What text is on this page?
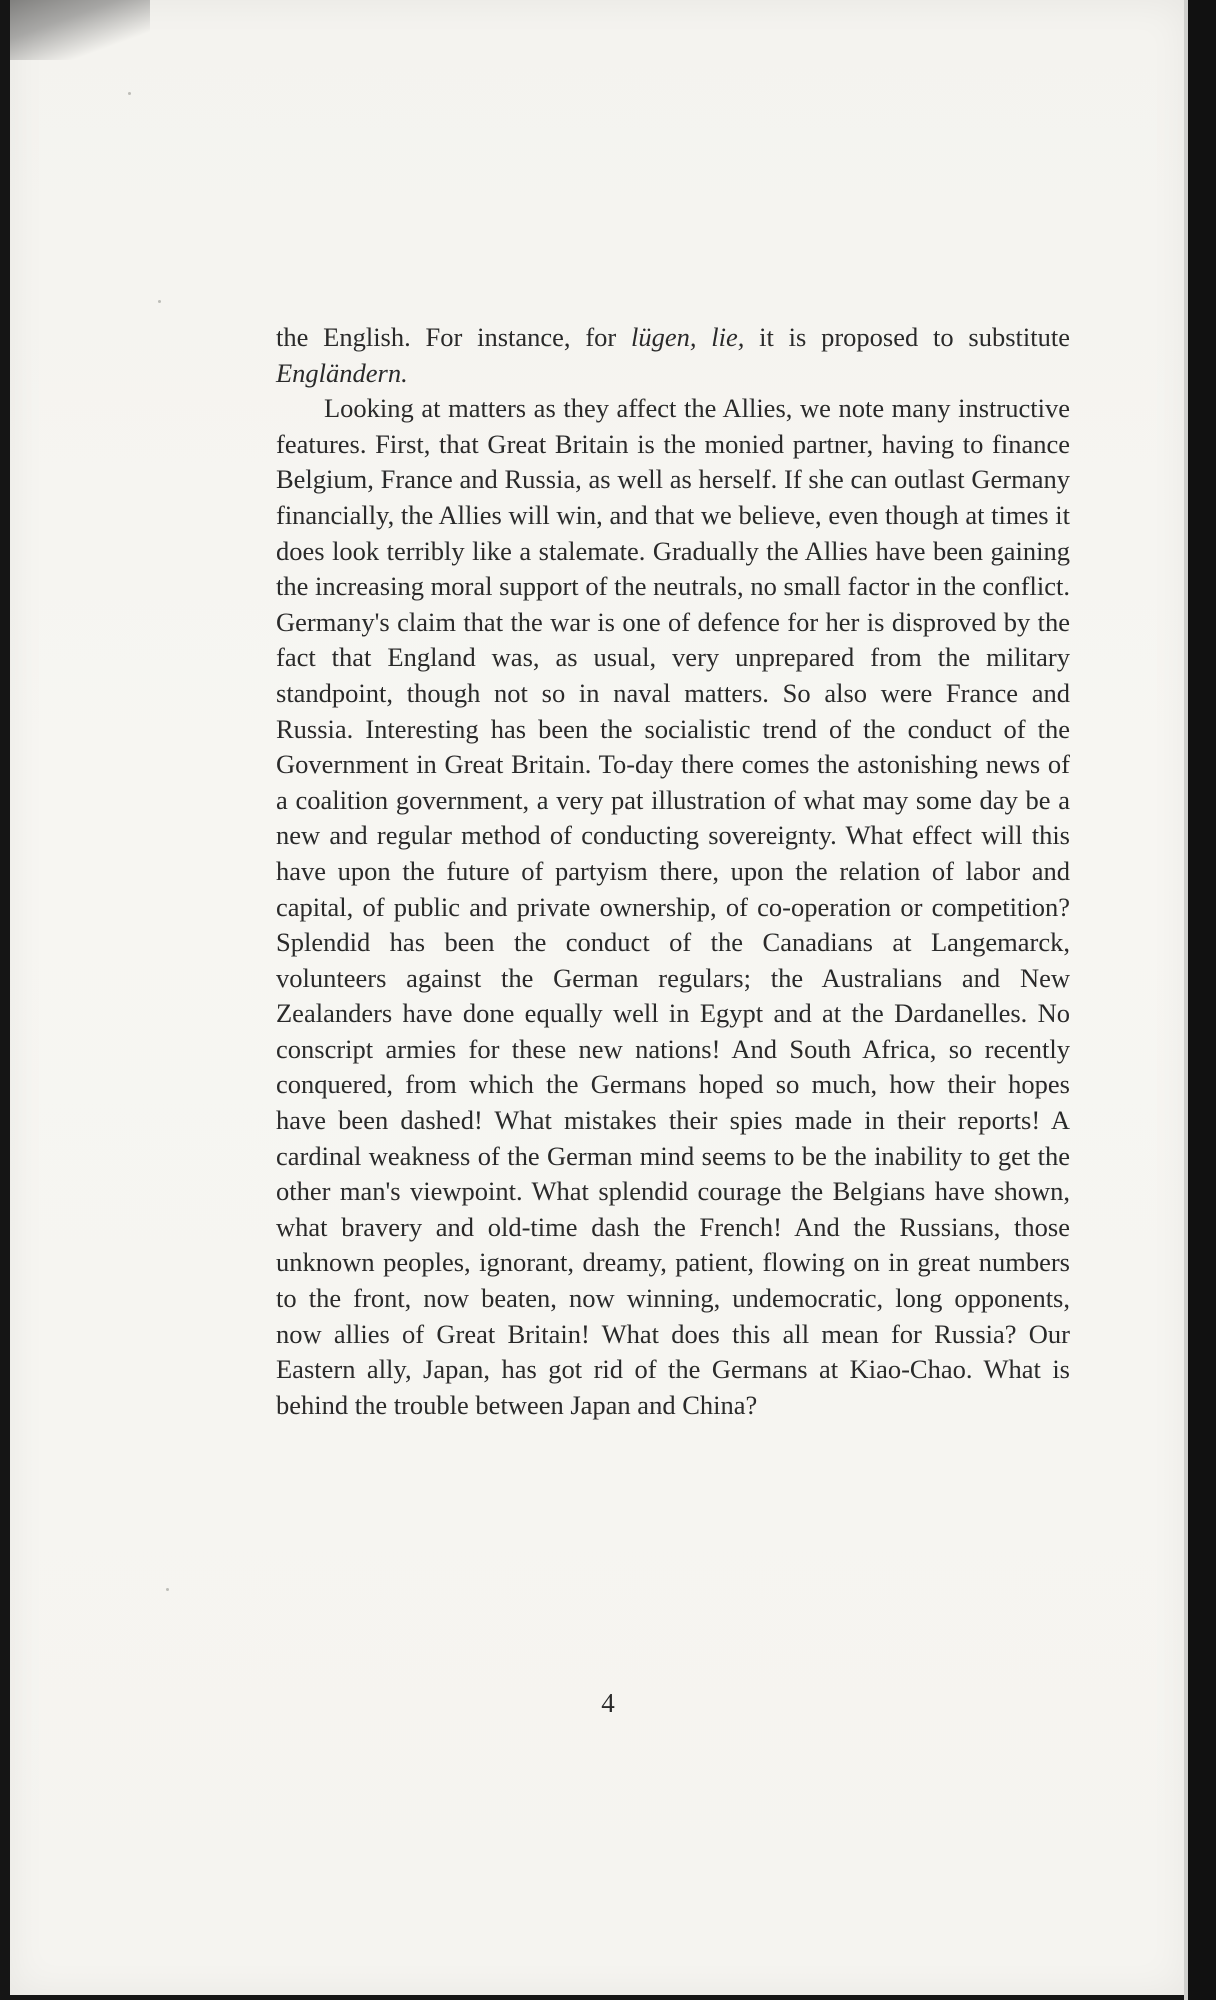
the English. For instance, for lügen, lie, it is proposed to substitute Engländern.

Looking at matters as they affect the Allies, we note many instructive features. First, that Great Britain is the monied partner, having to finance Belgium, France and Russia, as well as herself. If she can outlast Germany financially, the Allies will win, and that we believe, even though at times it does look terribly like a stalemate. Gradually the Allies have been gaining the increasing moral support of the neutrals, no small factor in the conflict. Germany's claim that the war is one of defence for her is disproved by the fact that England was, as usual, very unprepared from the military standpoint, though not so in naval matters. So also were France and Russia. Interesting has been the socialistic trend of the conduct of the Government in Great Britain. To-day there comes the astonishing news of a coalition government, a very pat illustration of what may some day be a new and regular method of conducting sovereignty. What effect will this have upon the future of partyism there, upon the relation of labor and capital, of public and private ownership, of co-operation or competition? Splendid has been the conduct of the Canadians at Langemarck, volunteers against the German regulars; the Australians and New Zealanders have done equally well in Egypt and at the Dardanelles. No conscript armies for these new nations! And South Africa, so recently conquered, from which the Germans hoped so much, how their hopes have been dashed! What mistakes their spies made in their reports! A cardinal weakness of the German mind seems to be the inability to get the other man's viewpoint. What splendid courage the Belgians have shown, what bravery and old-time dash the French! And the Russians, those unknown peoples, ignorant, dreamy, patient, flowing on in great numbers to the front, now beaten, now winning, undemocratic, long opponents, now allies of Great Britain! What does this all mean for Russia? Our Eastern ally, Japan, has got rid of the Germans at Kiao-Chao. What is behind the trouble between Japan and China?

4
